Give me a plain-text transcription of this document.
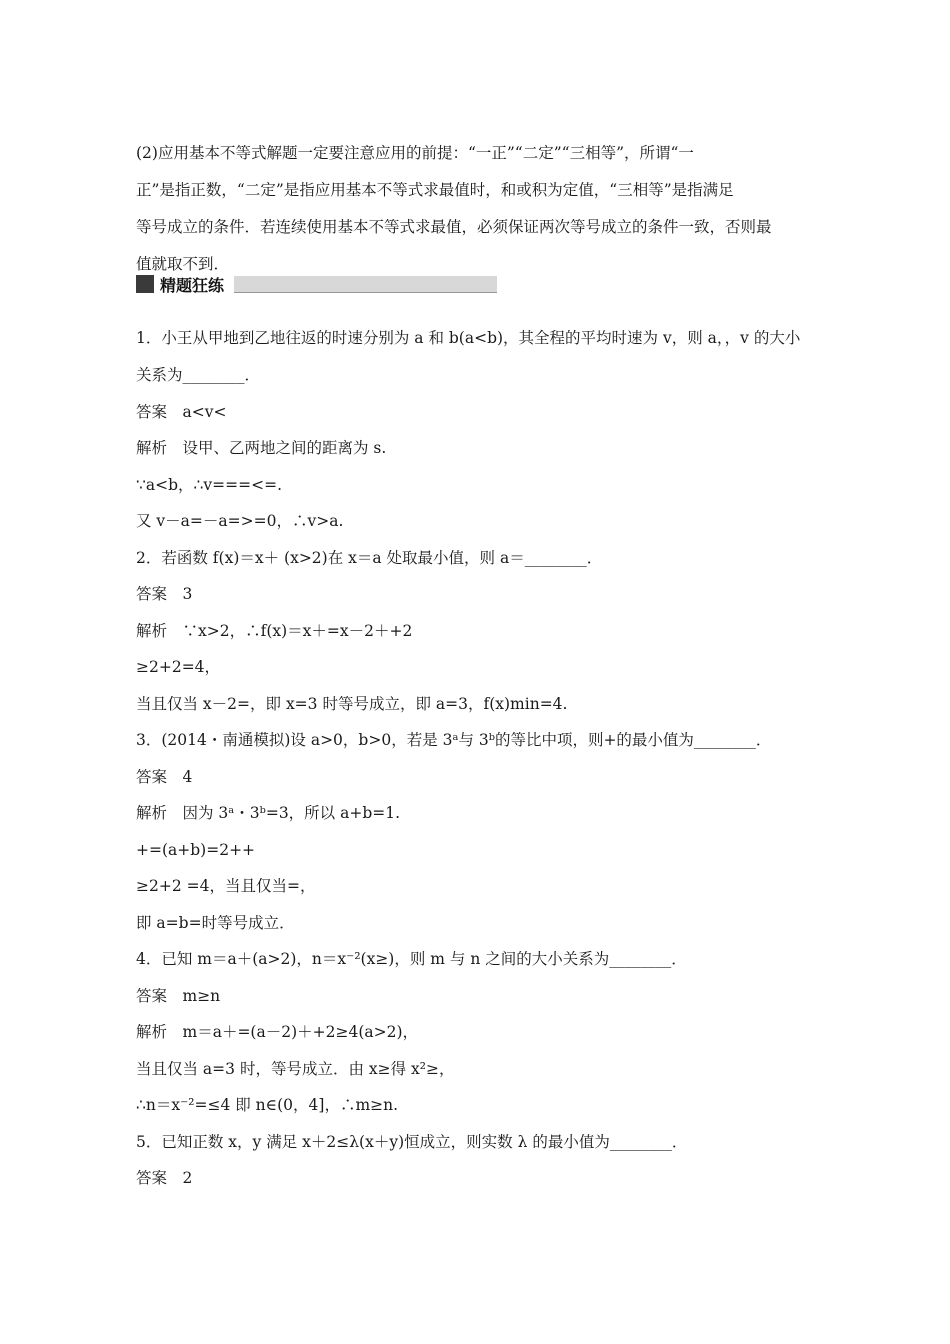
(2)应用基本不等式解题一定要注意应用的前提：“一正”“二定”“三相等”，所谓“一
正”是指正数，“二定”是指应用基本不等式求最值时，和或积为定值，“三相等”是指满足
等号成立的条件．若连续使用基本不等式求最值，必须保证两次等号成立的条件一致，否则最
值就取不到．
精题狂练
1．小王从甲地到乙地往返的时速分别为 a 和 b(a<b)，其全程的平均时速为 v，则 a，，v 的大小
关系为________．
答案　a<v<
解析　设甲、乙两地之间的距离为 s.
∵a<b，∴v===<=.
又 v－a=－a=>=0，∴v>a.
2．若函数 f(x)＝x＋ (x>2)在 x＝a 处取最小值，则 a＝________．
答案　3
解析　∵x>2，∴f(x)＝x＋=x－2＋+2
≥2+2=4，
当且仅当 x－2=，即 x=3 时等号成立，即 a=3，f(x)min=4.
3．(2014・南通模拟)设 a>0，b>0，若是 3ᵃ与 3ᵇ的等比中项，则+的最小值为________．
答案　4
解析　因为 3ᵃ・3ᵇ=3，所以 a+b=1.
+=(a+b)=2++
≥2+2 =4，当且仅当=，
即 a=b=时等号成立．
4．已知 m＝a＋(a>2)，n＝x⁻²(x≥)，则 m 与 n 之间的大小关系为________．
答案　m≥n
解析　m＝a＋=(a－2)＋+2≥4(a>2)，
当且仅当 a=3 时，等号成立．由 x≥得 x²≥，
∴n＝x⁻²=≤4 即 n∈(0，4]，∴m≥n.
5．已知正数 x，y 满足 x＋2≤λ(x＋y)恒成立，则实数 λ 的最小值为________．
答案　2
